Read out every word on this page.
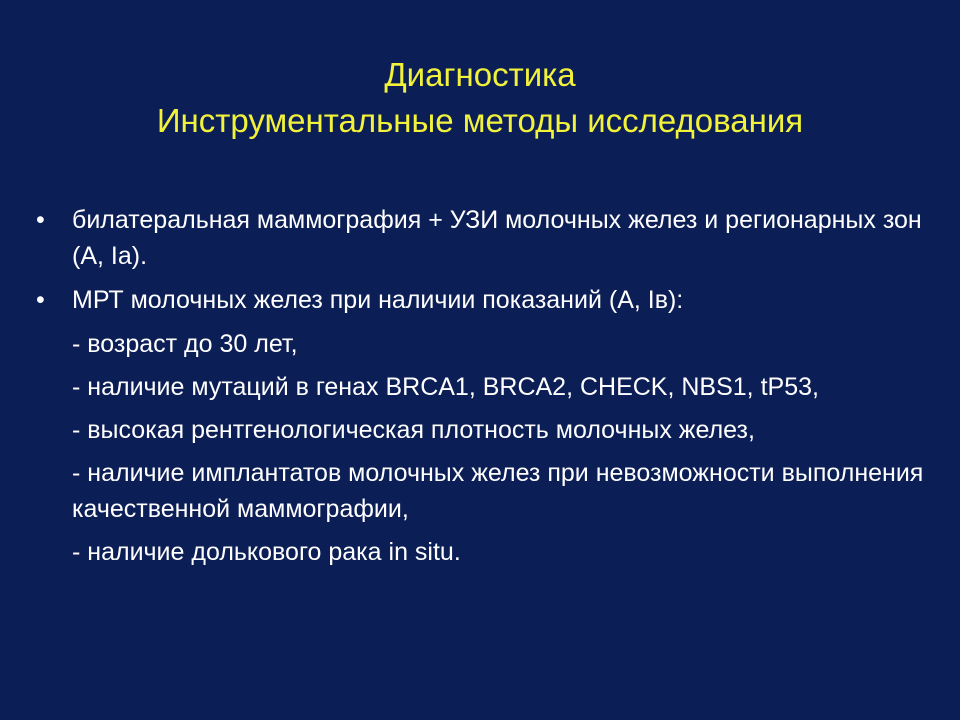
Диагностика
Инструментальные методы исследования
•	билатеральная маммография + УЗИ молочных желез и регионарных зон (А, Iа).
•	МРТ молочных желез при наличии показаний (А, Iв):
- возраст до 30 лет,
- наличие мутаций в генах BRCA1, BRCA2, CHECK, NBS1, tP53,
- высокая рентгенологическая плотность молочных желез,
- наличие имплантатов молочных желез при невозможности выполнения качественной маммографии,
- наличие долькового рака in situ.
